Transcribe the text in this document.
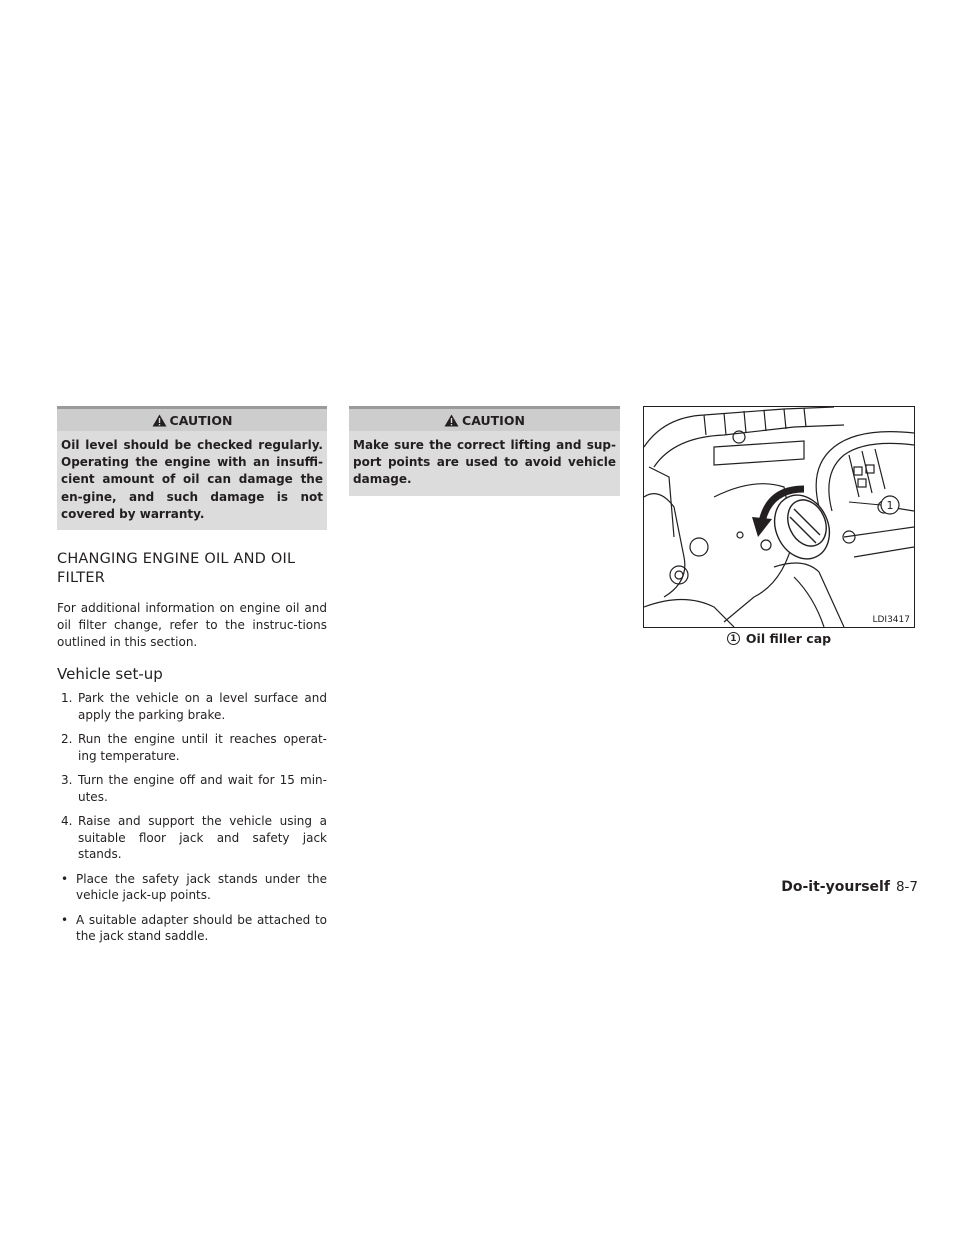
CAUTION
Oil level should be checked regularly. Operating the engine with an insuffi-cient amount of oil can damage the en-gine, and such damage is not covered by warranty.
CHANGING ENGINE OIL AND OIL FILTER

For additional information on engine oil and oil filter change, refer to the instruc-tions outlined in this section.

Vehicle set-up
1. Park the vehicle on a level surface and apply the parking brake.
2. Run the engine until it reaches operat-ing temperature.
3. Turn the engine off and wait for 15 min-utes.
4. Raise and support the vehicle using a suitable floor jack and safety jack stands.
• Place the safety jack stands under the vehicle jack-up points.
• A suitable adapter should be attached to the jack stand saddle.
CAUTION
Make sure the correct lifting and sup-port points are used to avoid vehicle damage.
1
LDI3417
1 Oil filler cap
Do-it-yourself 8-7
